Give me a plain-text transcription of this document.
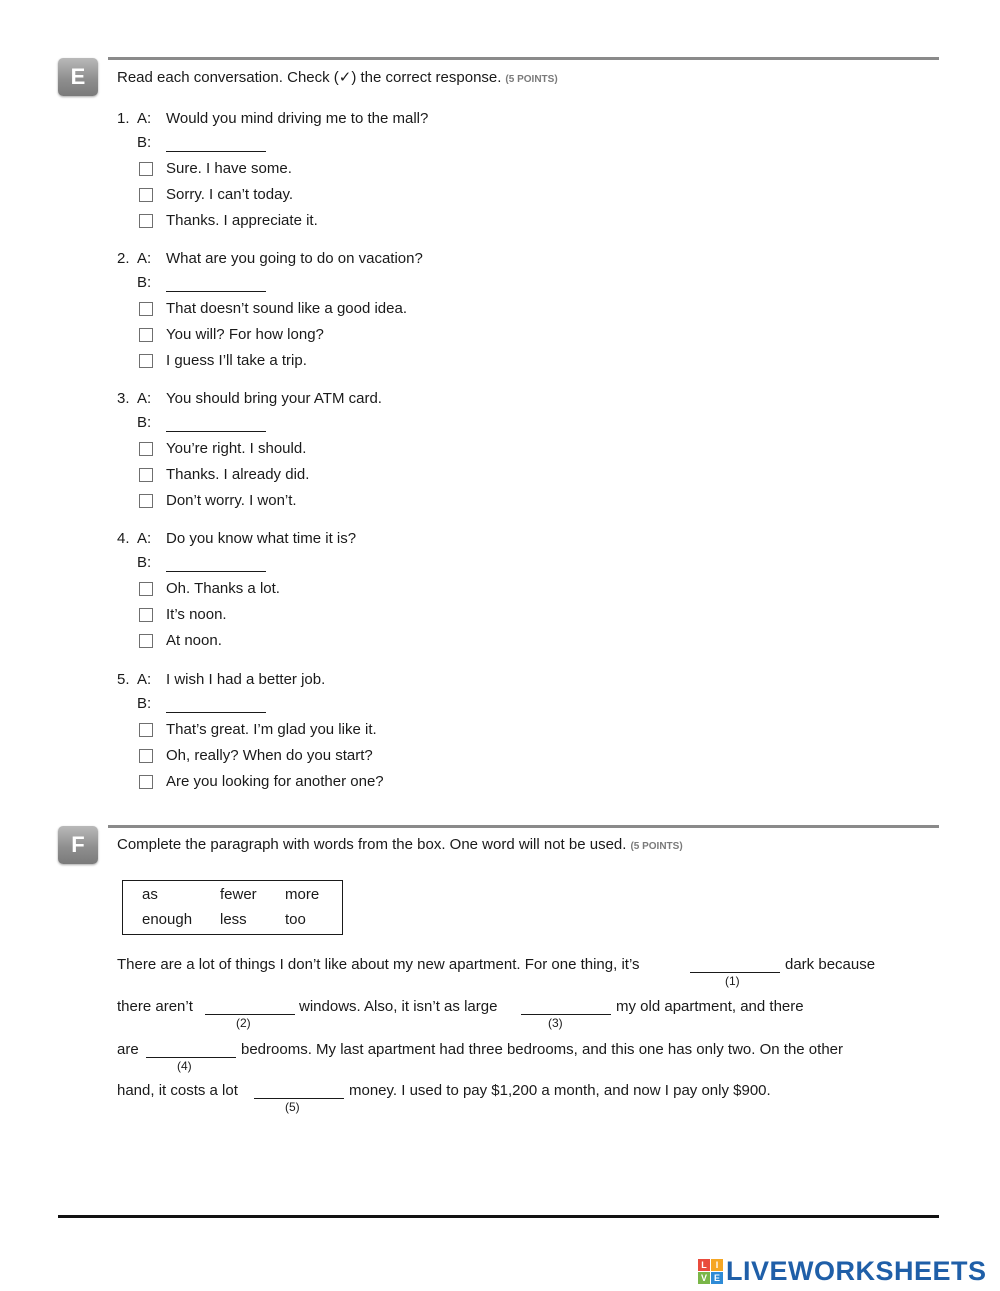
E	Read each conversation. Check (✓) the correct response. (5 POINTS)
1. A: Would you mind driving me to the mall?
B:
Sure. I have some.
Sorry. I can’t today.
Thanks. I appreciate it.
2. A: What are you going to do on vacation?
B:
That doesn’t sound like a good idea.
You will? For how long?
I guess I’ll take a trip.
3. A: You should bring your ATM card.
B:
You’re right. I should.
Thanks. I already did.
Don’t worry. I won’t.
4. A: Do you know what time it is?
B:
Oh. Thanks a lot.
It’s noon.
At noon.
5. A: I wish I had a better job.
B:
That’s great. I’m glad you like it.
Oh, really? When do you start?
Are you looking for another one?
F	Complete the paragraph with words from the box. One word will not be used. (5 POINTS)
as	fewer more
enough less	too
There are a lot of things I don’t like about my new apartment. For one thing, it’s	dark because
(1)
there aren’t	windows. Also, it isn’t as large	my old apartment, and there
(2)	(3)
are	bedrooms. My last apartment had three bedrooms, and this one has only two. On the other
(4)
hand, it costs a lot	money. I used to pay $1,200 a month, and now I pay only $900.
(5)
L I
V E LIVEWORKSHEETS
